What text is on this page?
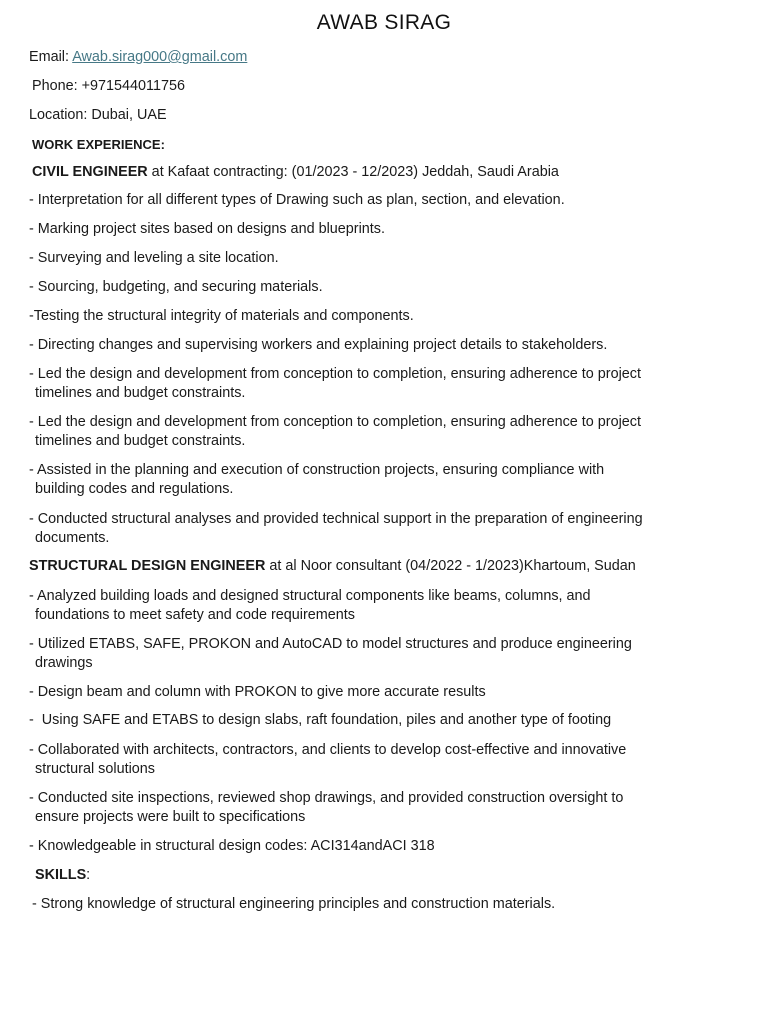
AWAB SIRAG
Email: Awab.sirag000@gmail.com
Phone: +971544011756
Location: Dubai, UAE
WORK EXPERIENCE:
CIVIL ENGINEER at Kafaat contracting: (01/2023 - 12/2023) Jeddah, Saudi Arabia
- Interpretation for all different types of Drawing such as plan, section, and elevation.
- Marking project sites based on designs and blueprints.
- Surveying and leveling a site location.
- Sourcing, budgeting, and securing materials.
-Testing the structural integrity of materials and components.
- Directing changes and supervising workers and explaining project details to stakeholders.
- Led the design and development from conception to completion, ensuring adherence to project
timelines and budget constraints.
- Led the design and development from conception to completion, ensuring adherence to project
timelines and budget constraints.
- Assisted in the planning and execution of construction projects, ensuring compliance with
building codes and regulations.
- Conducted structural analyses and provided technical support in the preparation of engineering
documents.
STRUCTURAL DESIGN ENGINEER at al Noor consultant (04/2022 - 1/2023)Khartoum, Sudan
- Analyzed building loads and designed structural components like beams, columns, and
foundations to meet safety and code requirements
- Utilized ETABS, SAFE, PROKON and AutoCAD to model structures and produce engineering
drawings
- Design beam and column with PROKON to give more accurate results
-  Using SAFE and ETABS to design slabs, raft foundation, piles and another type of footing
- Collaborated with architects, contractors, and clients to develop cost-effective and innovative
structural solutions
- Conducted site inspections, reviewed shop drawings, and provided construction oversight to
ensure projects were built to specifications
- Knowledgeable in structural design codes: ACI314andACI 318
SKILLS:
- Strong knowledge of structural engineering principles and construction materials.
